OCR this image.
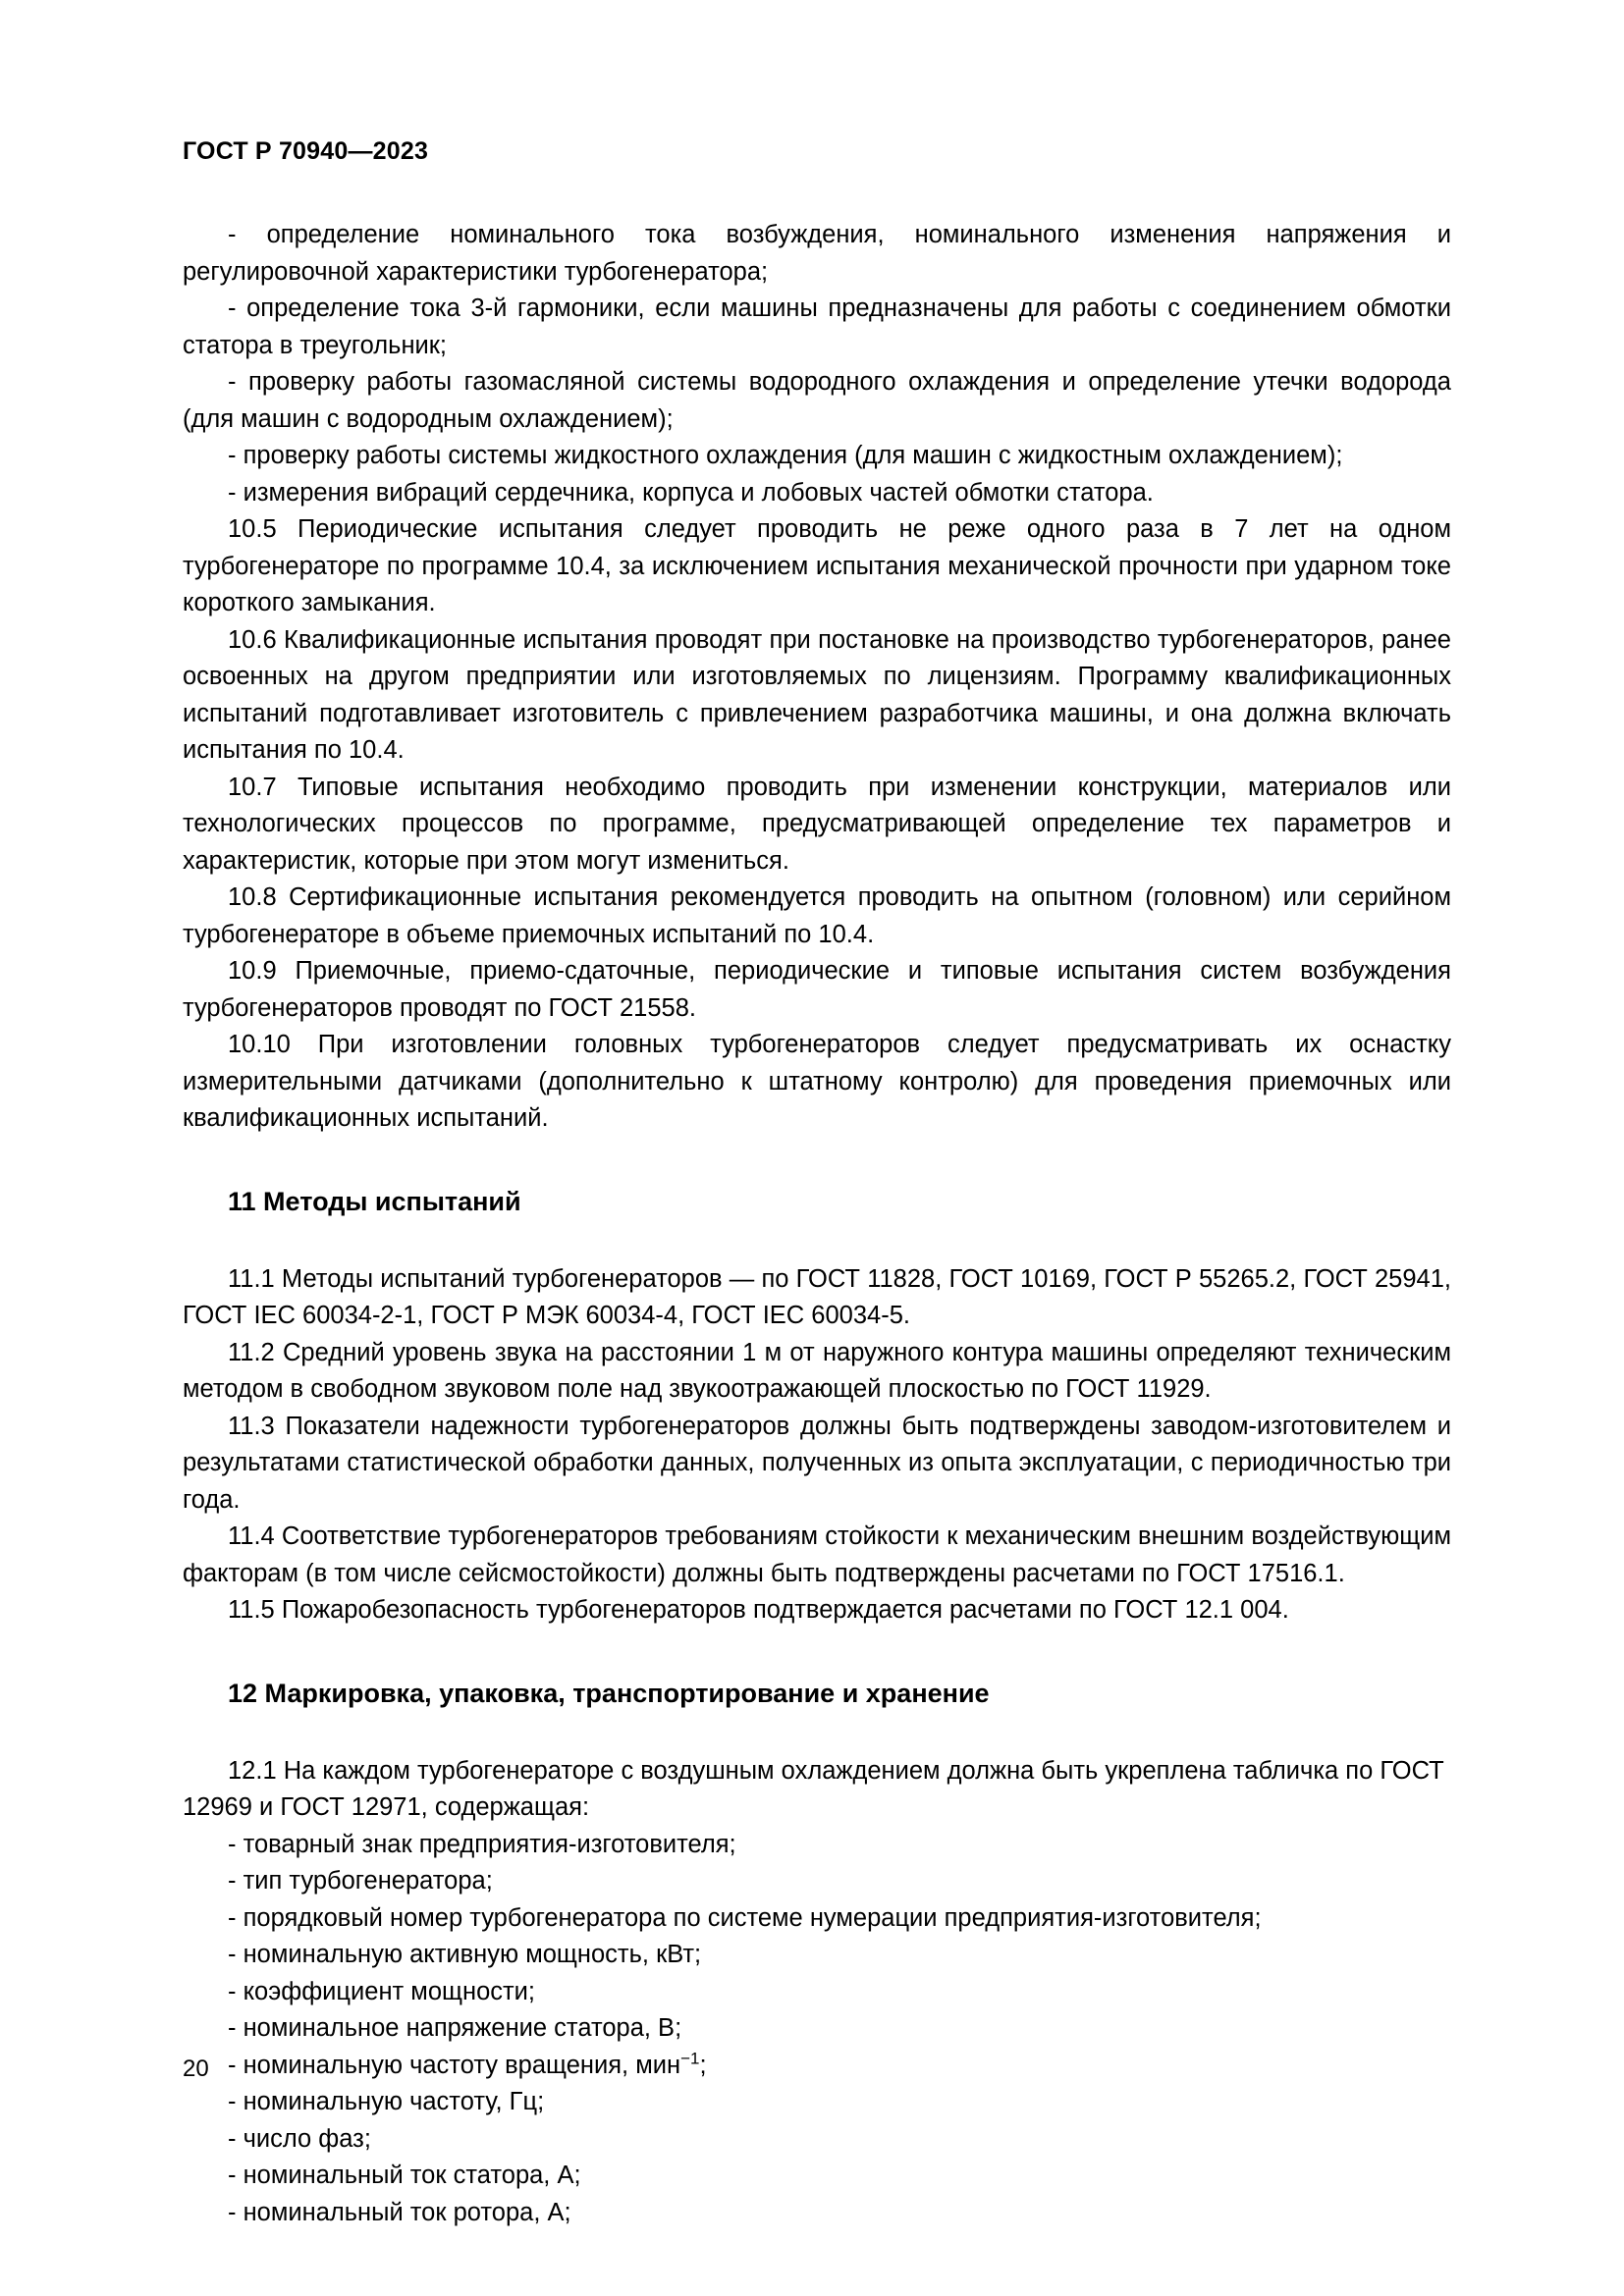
ГОСТ Р 70940—2023

- определение номинального тока возбуждения, номинального изменения напряжения и регулировочной характеристики турбогенератора;

- определение тока 3-й гармоники, если машины предназначены для работы с соединением обмотки статора в треугольник;

- проверку работы газомасляной системы водородного охлаждения и определение утечки водорода (для машин с водородным охлаждением);

- проверку работы системы жидкостного охлаждения (для машин с жидкостным охлаждением);

- измерения вибраций сердечника, корпуса и лобовых частей обмотки статора.

10.5 Периодические испытания следует проводить не реже одного раза в 7 лет на одном турбогенераторе по программе 10.4, за исключением испытания механической прочности при ударном токе короткого замыкания.

10.6 Квалификационные испытания проводят при постановке на производство турбогенераторов, ранее освоенных на другом предприятии или изготовляемых по лицензиям. Программу квалификационных испытаний подготавливает изготовитель с привлечением разработчика машины, и она должна включать испытания по 10.4.

10.7 Типовые испытания необходимо проводить при изменении конструкции, материалов или технологических процессов по программе, предусматривающей определение тех параметров и характеристик, которые при этом могут измениться.

10.8 Сертификационные испытания рекомендуется проводить на опытном (головном) или серийном турбогенераторе в объеме приемочных испытаний по 10.4.

10.9 Приемочные, приемо-сдаточные, периодические и типовые испытания систем возбуждения турбогенераторов проводят по ГОСТ 21558.

10.10 При изготовлении головных турбогенераторов следует предусматривать их оснастку измерительными датчиками (дополнительно к штатному контролю) для проведения приемочных или квалификационных испытаний.

11 Методы испытаний

11.1 Методы испытаний турбогенераторов — по ГОСТ 11828, ГОСТ 10169, ГОСТ Р 55265.2, ГОСТ 25941, ГОСТ IEC 60034-2-1, ГОСТ Р МЭК 60034-4, ГОСТ IEC 60034-5.

11.2 Средний уровень звука на расстоянии 1 м от наружного контура машины определяют техническим методом в свободном звуковом поле над звукоотражающей плоскостью по ГОСТ 11929.

11.3 Показатели надежности турбогенераторов должны быть подтверждены заводом-изготовителем и результатами статистической обработки данных, полученных из опыта эксплуатации, с периодичностью три года.

11.4 Соответствие турбогенераторов требованиям стойкости к механическим внешним воздействующим факторам (в том числе сейсмостойкости) должны быть подтверждены расчетами по ГОСТ 17516.1.

11.5 Пожаробезопасность турбогенераторов подтверждается расчетами по ГОСТ 12.1 004.

12 Маркировка, упаковка, транспортирование и хранение

12.1 На каждом турбогенераторе с воздушным охлаждением должна быть укреплена табличка по ГОСТ 12969 и ГОСТ 12971, содержащая:

- товарный знак предприятия-изготовителя;

- тип турбогенератора;

- порядковый номер турбогенератора по системе нумерации предприятия-изготовителя;

- номинальную активную мощность, кВт;

- коэффициент мощности;

- номинальное напряжение статора, В;

- номинальную частоту вращения, мин$^{-1}$;

- номинальную частоту, Гц;

- число фаз;

- номинальный ток статора, А;

- номинальный ток ротора, А;

20
